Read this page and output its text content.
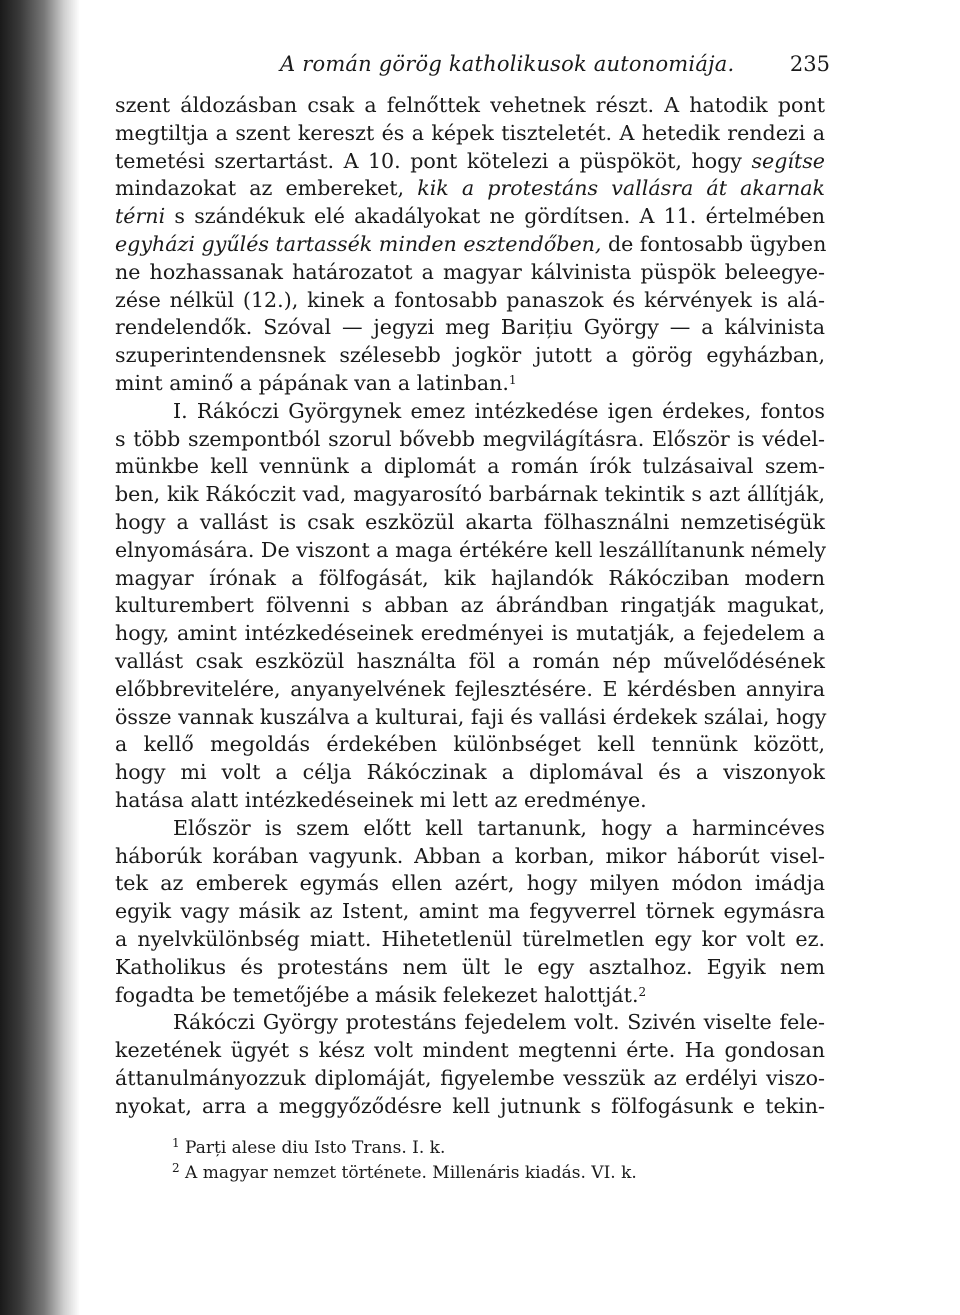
A román görög katholikusok autonomiája.	235
szent áldozásban csak a felnőttek vehetnek részt. A hatodik pont
megtiltja a szent kereszt és a képek tiszteletét. A hetedik rendezi a
temetési szertartást. A 10. pont kötelezi a püspököt, hogy segítse
mindazokat az embereket, kik a protestáns vallásra át akarnak
térni s szándékuk elé akadályokat ne gördítsen. A 11. értelmében
egyházi gyűlés tartassék minden esztendőben, de fontosabb ügyben
ne hozhassanak határozatot a magyar kálvinista püspök beleegye-
zése nélkül (12.), kinek a fontosabb panaszok és kérvények is alá-
rendelendők. Szóval — jegyzi meg Barițiu György — a kálvinista
szuperintendensnek szélesebb jogkör jutott a görög egyházban,
mint aminő a pápának van a latinban.$^1$
I. Rákóczi Györgynek emez intézkedése igen érdekes, fontos
s több szempontból szorul bővebb megvilágításra. Először is védel-
münkbe kell vennünk a diplomát a román írók tulzásaival szem-
ben, kik Rákóczit vad, magyarosító barbárnak tekintik s azt állítják,
hogy a vallást is csak eszközül akarta fölhasználni nemzetiségük
elnyomására. De viszont a maga értékére kell leszállítanunk némely
magyar írónak a fölfogását, kik hajlandók Rákócziban modern
kulturembert fölvenni s abban az ábrándban ringatják magukat,
hogy, amint intézkedéseinek eredményei is mutatják, a fejedelem a
vallást csak eszközül használta föl a román nép művelődésének
előbbrevitelére, anyanyelvének fejlesztésére. E kérdésben annyira
össze vannak kuszálva a kulturai, faji és vallási érdekek szálai, hogy
a kellő megoldás érdekében különbséget kell tennünk között,
hogy mi volt a célja Rákóczinak a diplomával és a viszonyok
hatása alatt intézkedéseinek mi lett az eredménye.
Először is szem előtt kell tartanunk, hogy a harmincéves
háborúk korában vagyunk. Abban a korban, mikor háborút visel-
tek az emberek egymás ellen azért, hogy milyen módon imádja
egyik vagy másik az Istent, amint ma fegyverrel törnek egymásra
a nyelvkülönbség miatt. Hihetetlenül türelmetlen egy kor volt ez.
Katholikus és protestáns nem ült le egy asztalhoz. Egyik nem
fogadta be temetőjébe a másik felekezet halottját.$^2$
Rákóczi György protestáns fejedelem volt. Szivén viselte fele-
kezetének ügyét s kész volt mindent megtenni érte. Ha gondosan
áttanulmányozzuk diplomáját, figyelembe vesszük az erdélyi viszo-
nyokat, arra a meggyőződésre kell jutnunk s fölfogásunk e tekin-
$^1$ Parți alese diu Isto Trans. I. k.
$^2$ A magyar nemzet története. Millenáris kiadás. VI. k.
